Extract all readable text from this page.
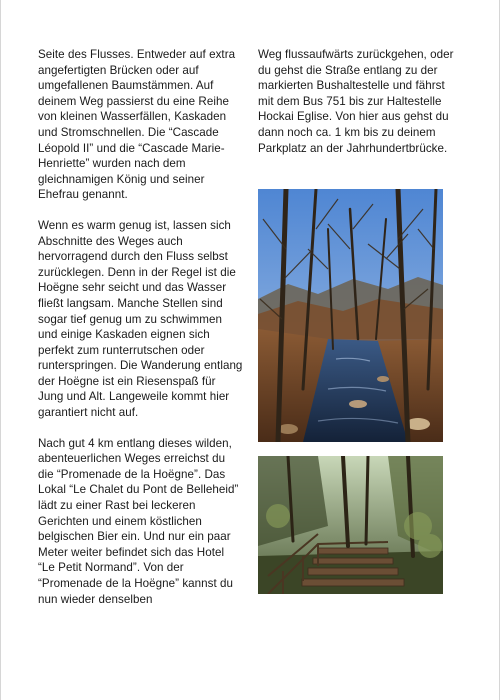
Seite des Flusses. Entweder auf extra angefertigten Brücken oder auf umgefallenen Baumstämmen. Auf deinem Weg passierst du eine Reihe von kleinen Wasserfällen, Kaskaden und Stromschnellen. Die “Cascade Léopold II” und die “Cascade Marie-Henriette” wurden nach dem gleichnamigen König und seiner Ehefrau genannt.

Wenn es warm genug ist, lassen sich Abschnitte des Weges auch hervorragend durch den Fluss selbst zurücklegen. Denn in der Regel ist die Hoëgne sehr seicht und das Wasser fließt langsam. Manche Stellen sind sogar tief genug um zu schwimmen und einige Kaskaden eignen sich perfekt zum runterrutschen oder runterspringen. Die Wanderung entlang der Hoëgne ist ein Riesenspaß für Jung und Alt. Langeweile kommt hier garantiert nicht auf.

Nach gut 4 km entlang dieses wilden, abenteuerlichen Weges erreichst du die “Promenade de la Hoëgne”. Das Lokal “Le Chalet du Pont de Belleheid” lädt zu einer Rast bei leckeren Gerichten und einem köstlichen belgischen Bier ein. Und nur ein paar Meter weiter befindet sich das Hotel “Le Petit Normand”. Von der “Promenade de la Hoëgne” kannst du nun wieder denselben

Weg flussaufwärts zurückgehen, oder du gehst die Straße entlang zu der markierten Bushaltestelle und fährst mit dem Bus 751 bis zur Haltestelle Hockai Eglise. Von hier aus gehst du dann noch ca. 1 km bis zu deinem Parkplatz an der Jahrhundertbrücke.
